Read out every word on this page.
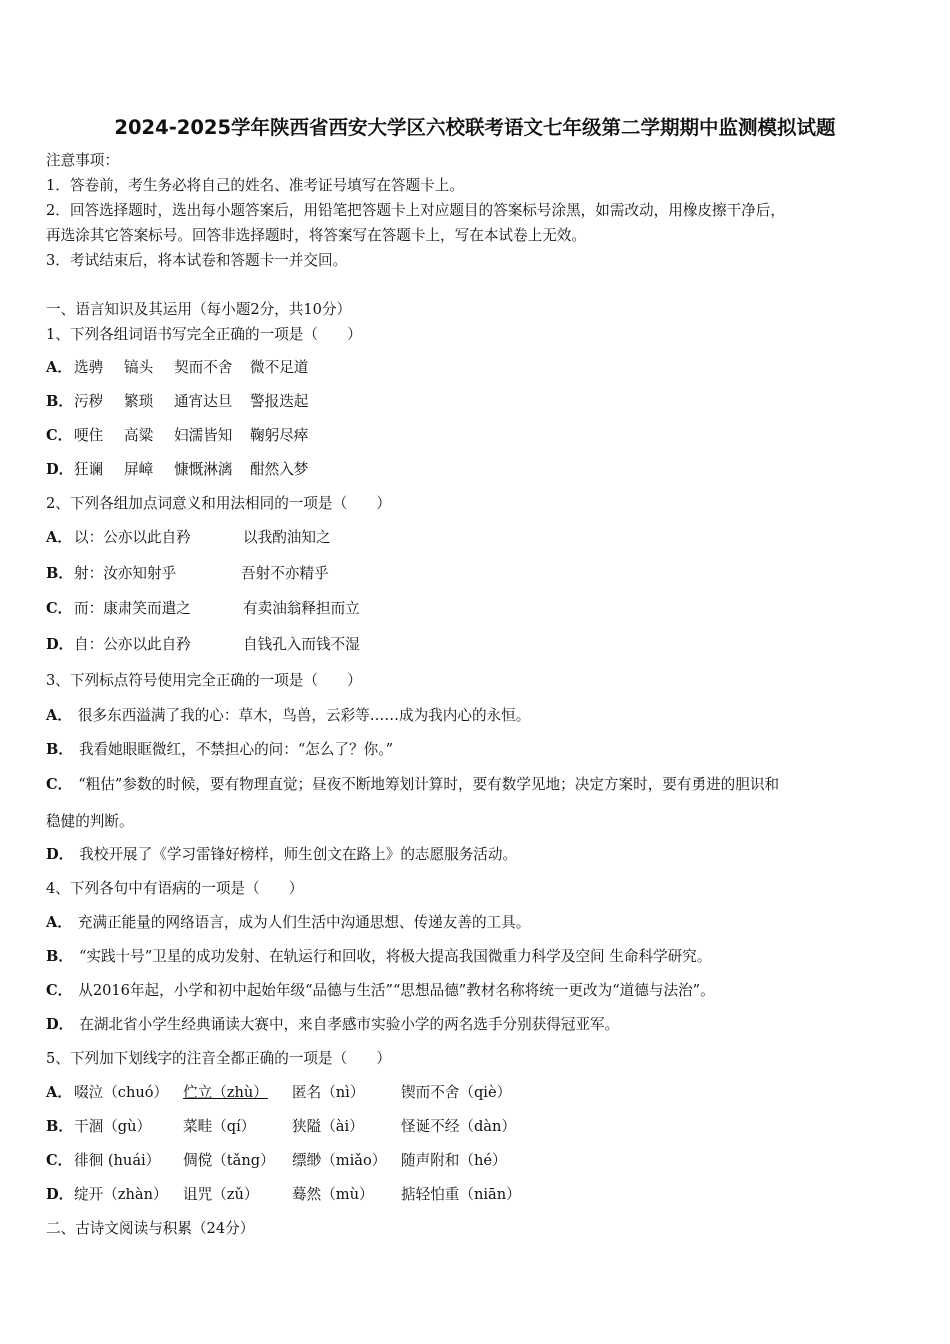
2024-2025学年陕西省西安大学区六校联考语文七年级第二学期期中监测模拟试题
注意事项：
1．答卷前，考生务必将自己的姓名、准考证号填写在答题卡上。
2．回答选择题时，选出每小题答案后，用铅笔把答题卡上对应题目的答案标号涂黑，如需改动，用橡皮擦干净后，
再选涂其它答案标号。回答非选择题时，将答案写在答题卡上，写在本试卷上无效。
3．考试结束后，将本试卷和答题卡一并交回。
一、语言知识及其运用（每小题2分，共10分）
1、下列各组词语书写完全正确的一项是（　　）
A． 选骋 镐头 契而不舍 微不足道
B． 污秽 繁琐 通宵达旦 警报迭起
C． 哽住 高粱 妇濡皆知 鞠躬尽瘁
D． 狂谰 屏嶂 慷慨淋漓 酣然入梦
2、下列各组加点词意义和用法相同的一项是（　　）
A． 以：公亦以此自矜	以我酌油知之
B． 射：汝亦知射乎	吾射不亦精乎
C． 而：康肃笑而遣之	有卖油翁释担而立
D． 自：公亦以此自矜	自钱孔入而钱不湿
3、下列标点符号使用完全正确的一项是（　　）
A． 很多东西溢满了我的心：草木，鸟兽，云彩等……成为我内心的永恒。
B． 我看她眼眶微红，不禁担心的问：“怎么了？你。”
C． “粗估”参数的时候，要有物理直觉；昼夜不断地筹划计算时，要有数学见地；决定方案时，要有勇进的胆识和
稳健的判断。
D． 我校开展了《学习雷锋好榜样，师生创文在路上》的志愿服务活动。
4、下列各句中有语病的一项是（　　）
A． 充满正能量的网络语言，成为人们生活中沟通思想、传递友善的工具。
B． “实践十号”卫星的成功发射、在轨运行和回收，将极大提高我国微重力科学及空间 生命科学研究。
C． 从2016年起，小学和初中起始年级“品德与生活”“思想品德”教材名称将统一更改为“道德与法治”。
D． 在湖北省小学生经典诵读大赛中，来自孝感市实验小学的两名选手分别获得冠亚军。
5、下列加下划线字的注音全都正确的一项是（　　）
A． 啜泣（chuó） 伫立（zhù） 匿名（nì）	锲而不舍（qiè）
B． 干涸（gù） 菜畦（qí）	狭隘（ài）	怪诞不经（dàn）
C． 徘徊 (huái） 倜傥（tǎng） 缥缈（miǎo） 随声附和（hé）
D． 绽开（zhàn） 诅咒（zǔ） 蓦然（mù） 掂轻怕重（niān）
二、古诗文阅读与积累（24分）
